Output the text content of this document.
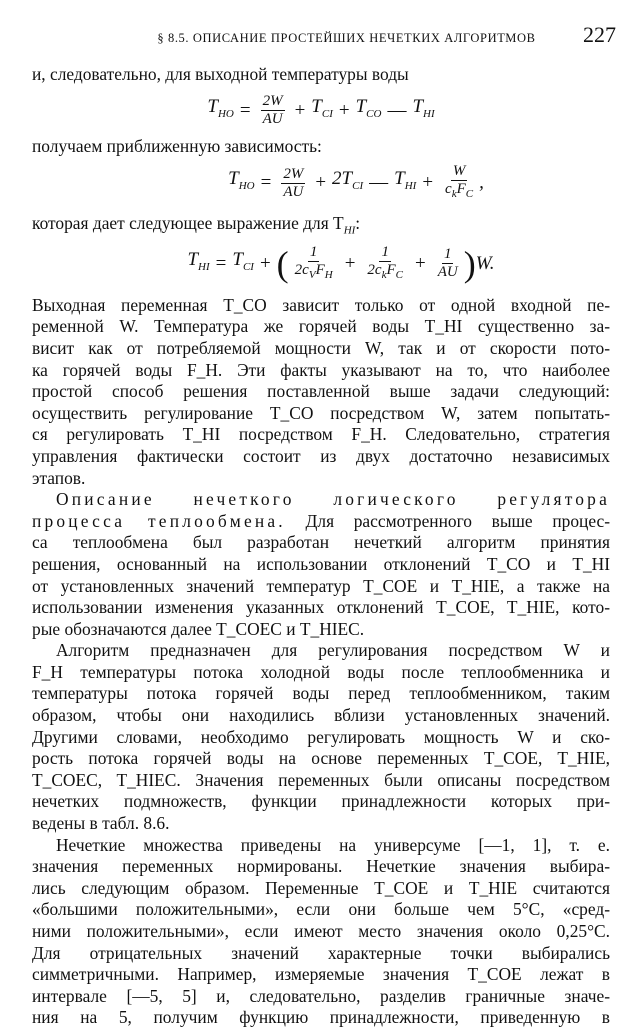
§ 8.5. ОПИСАНИЕ ПРОСТЕЙШИХ НЕЧЕТКИХ АЛГОРИТМОВ	227
и, следовательно, для выходной температуры воды
$T_{HO} = \frac{2W}{AU} + T_{CI} + T_{CO}$ — $T_{HI}$
получаем приближенную зависимость:
$T_{HO} = \frac{2W}{AU} + 2T_{CI}$ — $T_{HI} + \frac{W}{c_kF_C}$ ,
которая дает следующее выражение для $T_{HI}$:
$T_{HI} = T_{CI}$ + ( $\frac{1}{2c_VF_H} + \frac{1}{2c_kF_C} + \frac{1}{AU}$ ) W.
Выходная переменная T_CO зависит только от одной входной пе-
ременной W. Температура же горячей воды T_HI существенно за-
висит как от потребляемой мощности W, так и от скорости пото-
ка горячей воды F_H. Эти факты указывают на то, что наиболее
простой способ решения поставленной выше задачи следующий:
осуществить регулирование T_CO посредством W, затем попытать-
ся регулировать T_HI посредством F_H. Следовательно, стратегия
управления фактически состоит из двух достаточно независимых
этапов.
Описание нечеткого логического регулятора
процесса теплообмена. Для рассмотренного выше процес-
са теплообмена был разработан нечеткий алгоритм принятия
решения, основанный на использовании отклонений T_CO и T_HI
от установленных значений температур T_COE и T_HIE, а также на
использовании изменения указанных отклонений T_COE, T_HIE, кото-
рые обозначаются далее T_COEC и T_HIEC.
Алгоритм предназначен для регулирования посредством W и
F_H температуры потока холодной воды после теплообменника и
температуры потока горячей воды перед теплообменником, таким
образом, чтобы они находились вблизи установленных значений.
Другими словами, необходимо регулировать мощность W и ско-
рость потока горячей воды на основе переменных T_COE, T_HIE,
T_COEC, T_HIEC. Значения переменных были описаны посредством
нечетких подмножеств, функции принадлежности которых при-
ведены в табл. 8.6.
Нечеткие множества приведены на универсуме [—1, 1], т. е.
значения переменных нормированы. Нечеткие значения выбира-
лись следующим образом. Переменные T_COE и T_HIE считаются
«большими положительными», если они больше чем 5°C, «сред-
ними положительными», если имеют место значения около 0,25°C.
Для отрицательных значений характерные точки выбирались
симметричными. Например, измеряемые значения T_COE лежат в
интервале [—5, 5] и, следовательно, разделив граничные значе-
ния на 5, получим функцию принадлежности, приведенную в
